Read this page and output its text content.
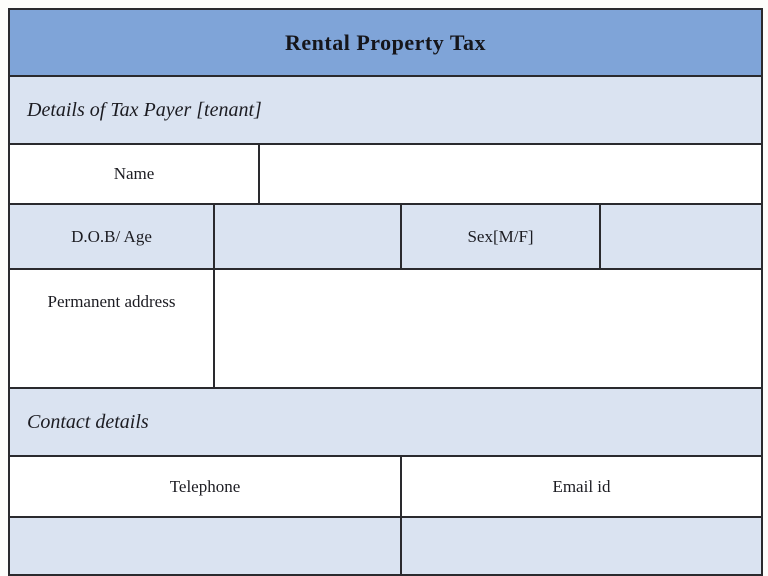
Rental Property Tax
Details of Tax Payer [tenant]
Name
D.O.B/ Age	Sex[M/F]
Permanent address
Contact details
Telephone	Email id
